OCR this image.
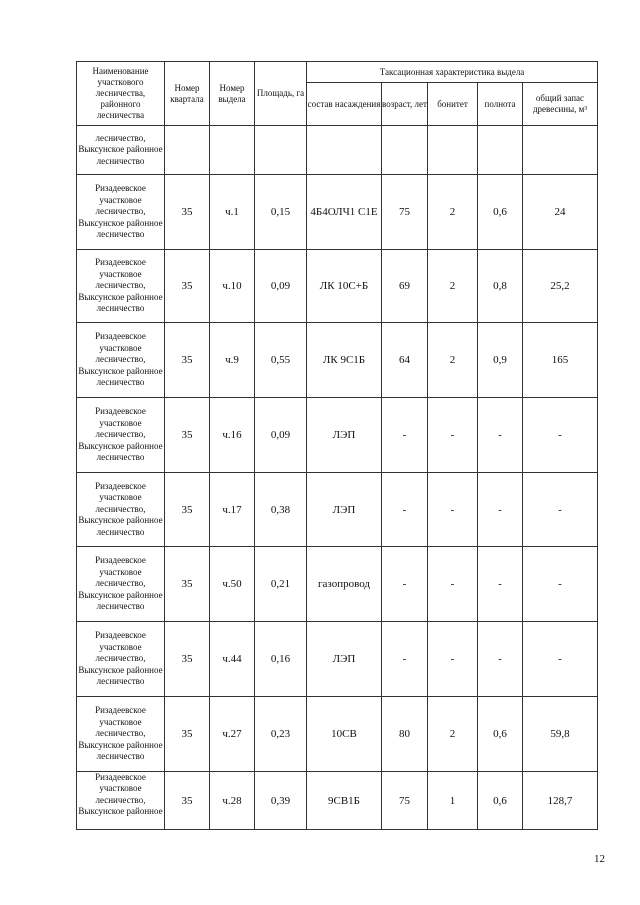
Наименование участкового лесничества, районного лесничества	Номер квартала	Номер выдела	Площадь, га	Таксационная характеристика выдела				
				состав насаждения	возраст, лет	бонитет	полнота	общий запас древесины, м³
лесничество, Выксунское районное лесничество								
Ризадеевское участковое лесничество, Выксунское районное лесничество	35	ч.1	0,15	4Б4ОЛЧ1 С1Е	75	2	0,6	24
Ризадеевское участковое лесничество, Выксунское районное лесничество	35	ч.10	0,09	ЛК 10С+Б	69	2	0,8	25,2
Ризадеевское участковое лесничество, Выксунское районное лесничество	35	ч.9	0,55	ЛК 9С1Б	64	2	0,9	165
Ризадеевское участковое лесничество, Выксунское районное лесничество	35	ч.16	0,09	ЛЭП	-	-	-	-
Ризадеевское участковое лесничество, Выксунское районное лесничество	35	ч.17	0,38	ЛЭП	-	-	-	-
Ризадеевское участковое лесничество, Выксунское районное лесничество	35	ч.50	0,21	газопровод	-	-	-	-
Ризадеевское участковое лесничество, Выксунское районное лесничество	35	ч.44	0,16	ЛЭП	-	-	-	-
Ризадеевское участковое лесничество, Выксунское районное лесничество	35	ч.27	0,23	10СВ	80	2	0,6	59,8
Ризадеевское участковое лесничество, Выксунское районное	35	ч.28	0,39	9СВ1Б	75	1	0,6	128,7
12
